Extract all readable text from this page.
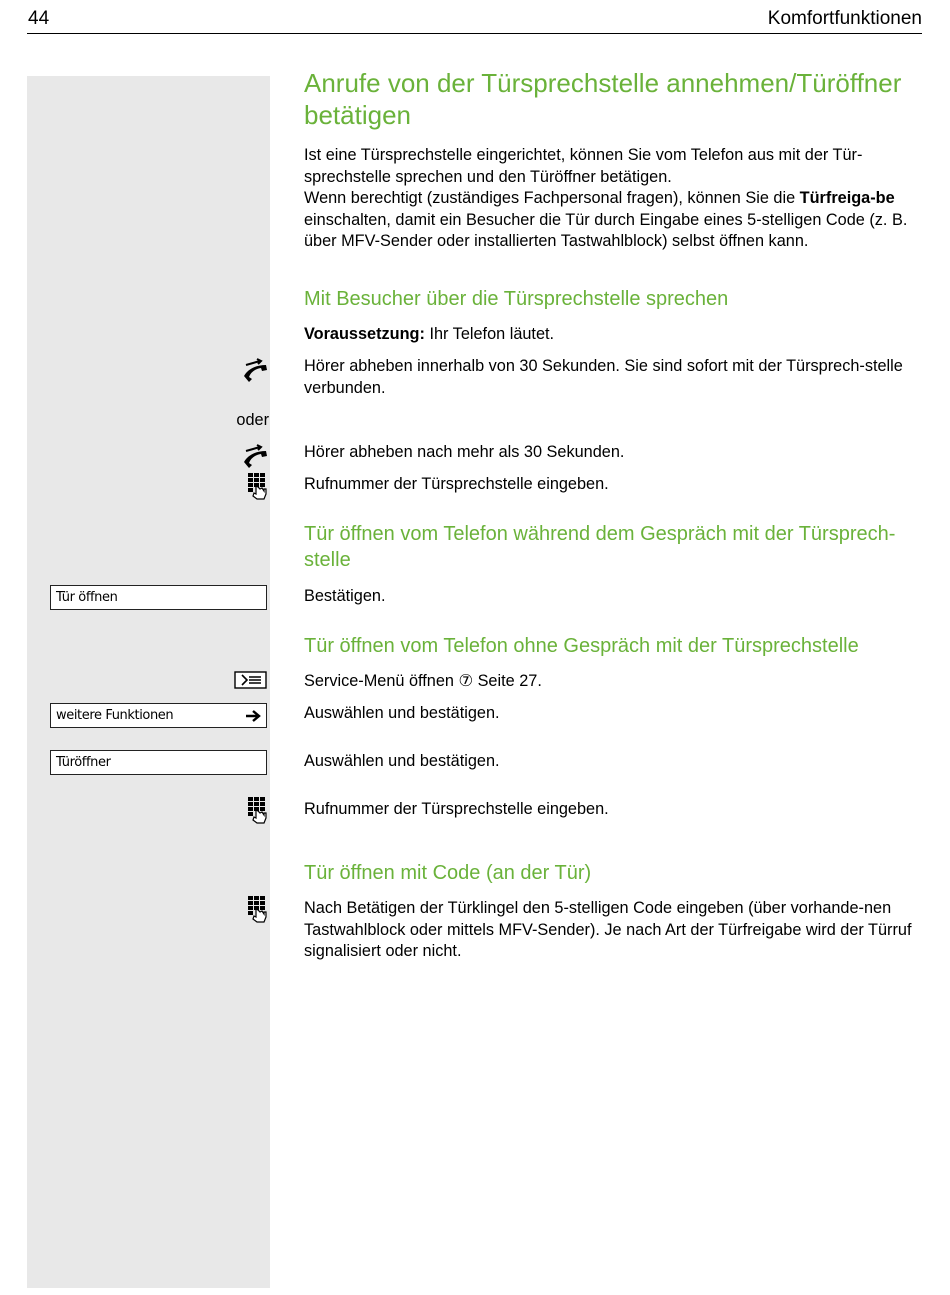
44	Komfortfunktionen
Anrufe von der Türsprechstelle annehmen/Türöffner betätigen

Ist eine Türsprechstelle eingerichtet, können Sie vom Telefon aus mit der Tür-sprechstelle sprechen und den Türöffner betätigen.

Wenn berechtigt (zuständiges Fachpersonal fragen), können Sie die Türfreiga-be einschalten, damit ein Besucher die Tür durch Eingabe eines 5-stelligen Code (z. B. über MFV-Sender oder installierten Tastwahlblock) selbst öffnen kann.

Mit Besucher über die Türsprechstelle sprechen

Voraussetzung: Ihr Telefon läutet.

Hörer abheben innerhalb von 30 Sekunden. Sie sind sofort mit der Türsprech-stelle verbunden.

oder

Hörer abheben nach mehr als 30 Sekunden.

Rufnummer der Türsprechstelle eingeben.

Tür öffnen vom Telefon während dem Gespräch mit der Türsprech-stelle
Tür öffnen	Bestätigen.

Tür öffnen vom Telefon ohne Gespräch mit der Türsprechstelle

Service-Menü öffnen ⑦ Seite 27.

weitere Funktionen	Auswählen und bestätigen.

Türöffner	Auswählen und bestätigen.

Rufnummer der Türsprechstelle eingeben.

Tür öffnen mit Code (an der Tür)

Nach Betätigen der Türklingel den 5-stelligen Code eingeben (über vorhande-nen Tastwahlblock oder mittels MFV-Sender). Je nach Art der Türfreigabe wird der Türruf signalisiert oder nicht.
